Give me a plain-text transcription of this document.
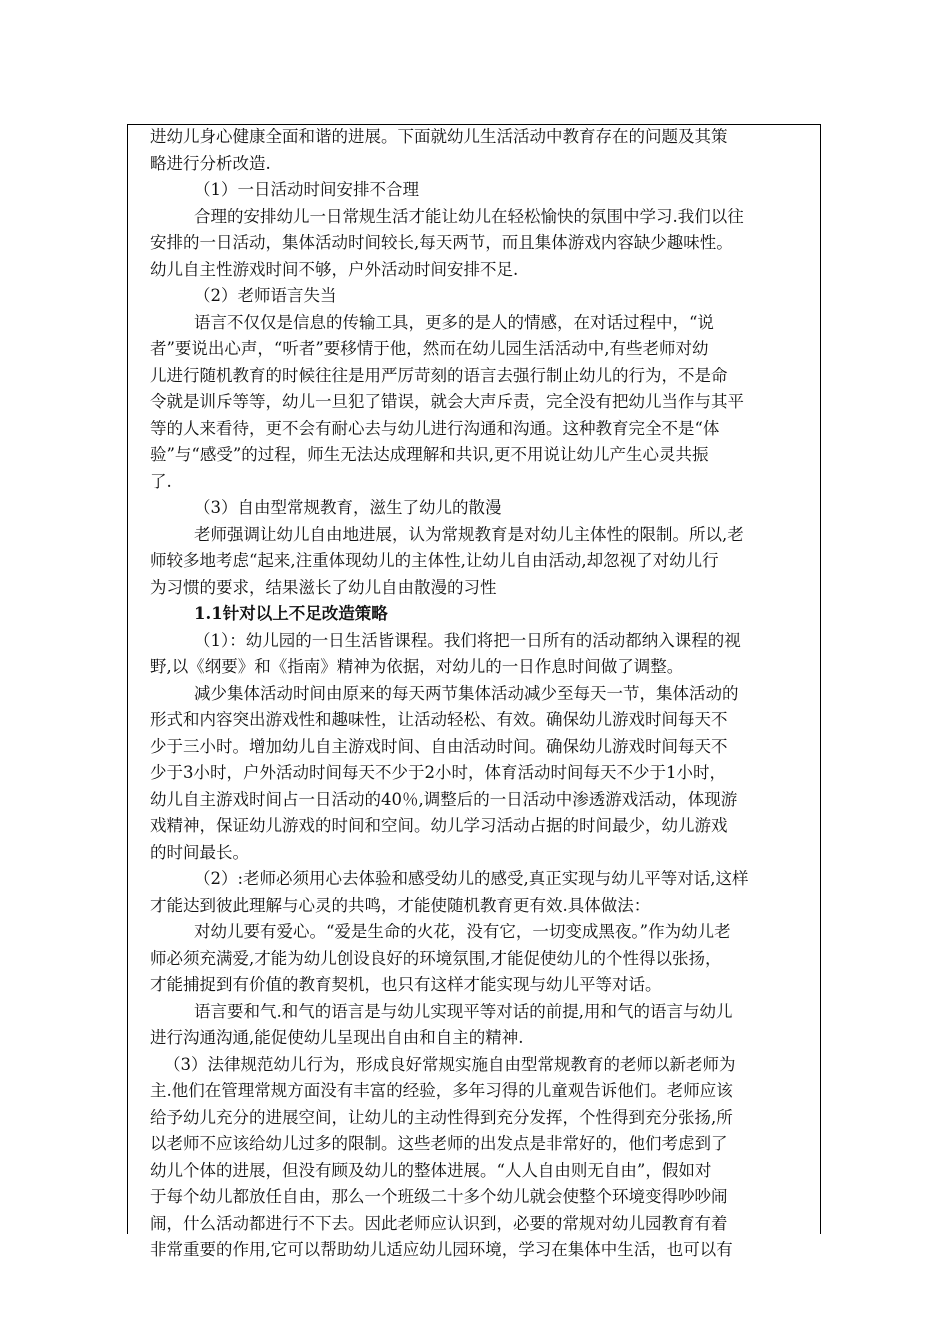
进幼儿身心健康全面和谐的进展。下面就幼儿生活活动中教育存在的问题及其策
略进行分析改造.
（1）一日活动时间安排不合理
合理的安排幼儿一日常规生活才能让幼儿在轻松愉快的氛围中学习.我们以往
安排的一日活动，集体活动时间较长,每天两节，而且集体游戏内容缺少趣味性。
幼儿自主性游戏时间不够，户外活动时间安排不足.
（2）老师语言失当
语言不仅仅是信息的传输工具，更多的是人的情感，在对话过程中，“说
者”要说出心声，“听者”要移情于他，然而在幼儿园生活活动中,有些老师对幼
儿进行随机教育的时候往往是用严厉苛刻的语言去强行制止幼儿的行为，不是命
令就是训斥等等，幼儿一旦犯了错误，就会大声斥责，完全没有把幼儿当作与其平
等的人来看待，更不会有耐心去与幼儿进行沟通和沟通。这种教育完全不是“体
验”与“感受”的过程，师生无法达成理解和共识,更不用说让幼儿产生心灵共振
了.
（3）自由型常规教育，滋生了幼儿的散漫
老师强调让幼儿自由地进展，认为常规教育是对幼儿主体性的限制。所以,老
师较多地考虑“起来,注重体现幼儿的主体性,让幼儿自由活动,却忽视了对幼儿行
为习惯的要求，结果滋长了幼儿自由散漫的习性
1.1针对以上不足改造策略
（1）：幼儿园的一日生活皆课程。我们将把一日所有的活动都纳入课程的视
野,以《纲要》和《指南》精神为依据，对幼儿的一日作息时间做了调整。
减少集体活动时间由原来的每天两节集体活动减少至每天一节，集体活动的
形式和内容突出游戏性和趣味性，让活动轻松、有效。确保幼儿游戏时间每天不
少于三小时。增加幼儿自主游戏时间、自由活动时间。确保幼儿游戏时间每天不
少于3小时，户外活动时间每天不少于2小时，体育活动时间每天不少于1小时，
幼儿自主游戏时间占一日活动的40％,调整后的一日活动中渗透游戏活动，体现游
戏精神，保证幼儿游戏的时间和空间。幼儿学习活动占据的时间最少，幼儿游戏
的时间最长。
（2）:老师必须用心去体验和感受幼儿的感受,真正实现与幼儿平等对话,这样
才能达到彼此理解与心灵的共鸣，才能使随机教育更有效.具体做法：
对幼儿要有爱心。“爱是生命的火花，没有它，一切变成黑夜。”作为幼儿老
师必须充满爱,才能为幼儿创设良好的环境氛围,才能促使幼儿的个性得以张扬，
才能捕捉到有价值的教育契机，也只有这样才能实现与幼儿平等对话。
语言要和气.和气的语言是与幼儿实现平等对话的前提,用和气的语言与幼儿
进行沟通沟通,能促使幼儿呈现出自由和自主的精神.
（3）法律规范幼儿行为，形成良好常规实施自由型常规教育的老师以新老师为
主.他们在管理常规方面没有丰富的经验，多年习得的儿童观告诉他们。老师应该
给予幼儿充分的进展空间，让幼儿的主动性得到充分发挥，个性得到充分张扬,所
以老师不应该给幼儿过多的限制。这些老师的出发点是非常好的，他们考虑到了
幼儿个体的进展，但没有顾及幼儿的整体进展。“人人自由则无自由”，假如对
于每个幼儿都放任自由，那么一个班级二十多个幼儿就会使整个环境变得吵吵闹
闹，什么活动都进行不下去。因此老师应认识到，必要的常规对幼儿园教育有着
非常重要的作用,它可以帮助幼儿适应幼儿园环境，学习在集体中生活，也可以有
